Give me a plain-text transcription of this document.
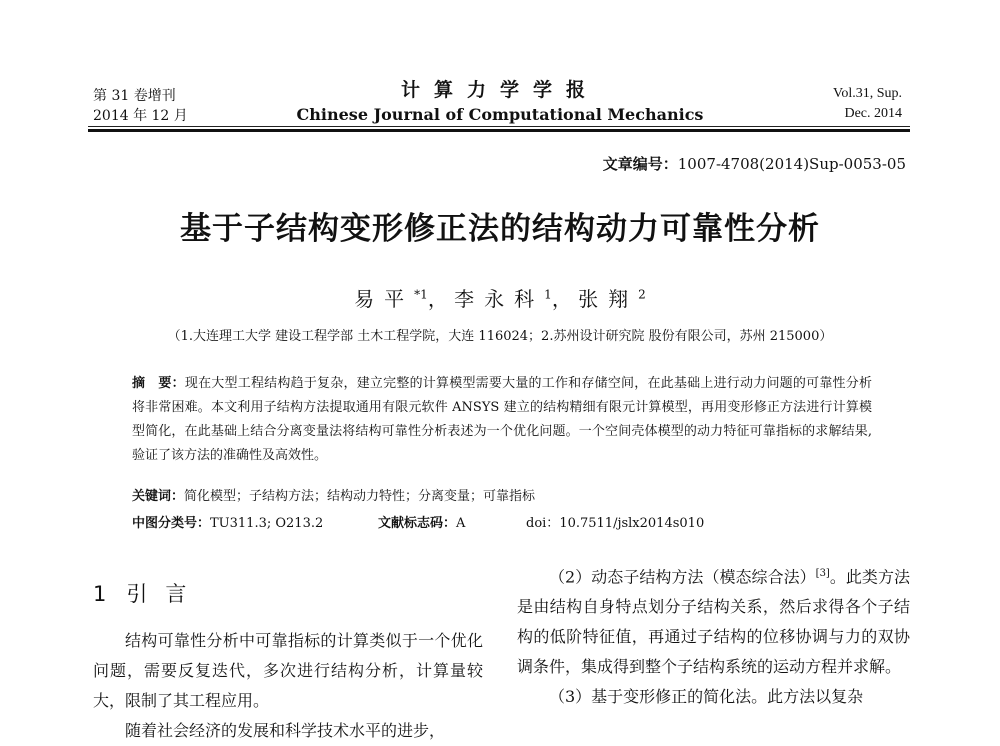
第 31 卷增刊
2014 年 12 月
计算力学学报
Chinese Journal of Computational Mechanics
Vol.31, Sup.
Dec. 2014
文章编号：1007-4708(2014)Sup-0053-05
基于子结构变形修正法的结构动力可靠性分析
易平$^{*1}$， 李永科$^1$， 张翔$^2$
（1.大连理工大学 建设工程学部 土木工程学院，大连 116024；2.苏州设计研究院 股份有限公司，苏州 215000）
摘　要：现在大型工程结构趋于复杂，建立完整的计算模型需要大量的工作和存储空间，在此基础上进行动力问题的可靠性分析将非常困难。本文利用子结构方法提取通用有限元软件 ANSYS 建立的结构精细有限元计算模型，再用变形修正方法进行计算模型简化，在此基础上结合分离变量法将结构可靠性分析表述为一个优化问题。一个空间壳体模型的动力特征可靠指标的求解结果,验证了该方法的准确性及高效性。
关键词：简化模型；子结构方法；结构动力特性；分离变量；可靠指标
中图分类号：TU311.3; O213.2	文献标志码：A	doi：10.7511/jslx2014s010
1 引言

结构可靠性分析中可靠指标的计算类似于一个优化问题，需要反复迭代，多次进行结构分析，计算量较大，限制了其工程应用。

随着社会经济的发展和科学技术水平的进步，

（2）动态子结构方法（模态综合法）[3]。此类方法是由结构自身特点划分子结构关系，然后求得各个子结构的低阶特征值，再通过子结构的位移协调与力的双协调条件，集成得到整个子结构系统的运动方程并求解。

（3）基于变形修正的简化法。此方法以复杂
